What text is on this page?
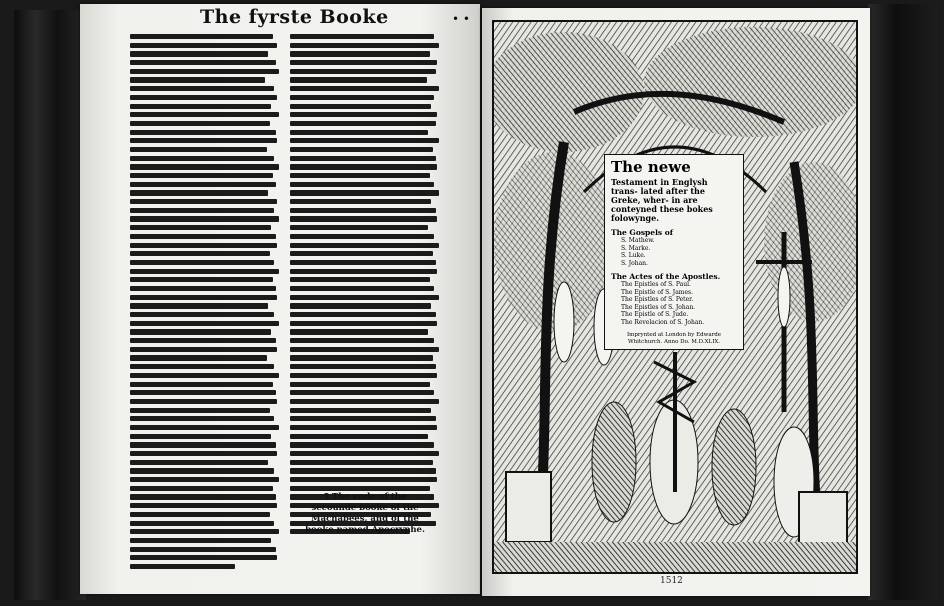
The fyrste Booke	• •
¶ The ende of the secounde booke of the Machabees, and of the booke named Apocryphe.
The newe
Testament in Englysh trans- lated after the Greke, wher- in are conteyned these bokes folowynge.
The Gospels of
S. Mathew.
S. Marke.
S. Luke.
S. Johan.
The Actes of the Apostles.
The Epistles of S. Paul.
The Epistle of S. James.
The Epistles of S. Peter.
The Epistles of S. Johan.
The Epistle of S. Jude.
The Revelacion of S. Johan.
Imprynted at London by Edwarde Whitchurch. Anno Do. M.D.XLIX.
1512
